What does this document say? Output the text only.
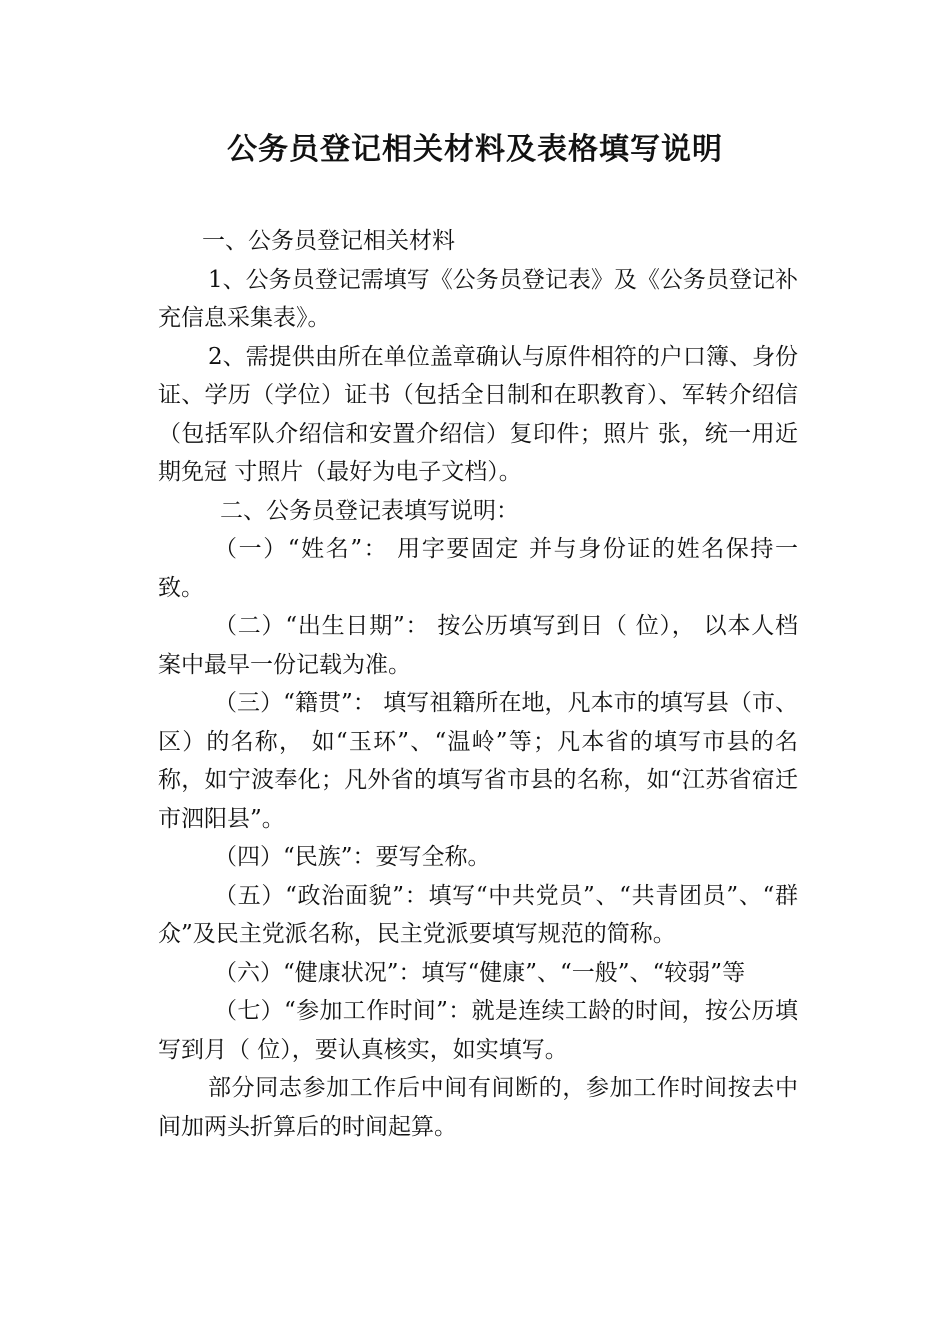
公务员登记相关材料及表格填写说明

一、公务员登记相关材料

1、公务员登记需填写《公务员登记表》及《公务员登记补充信息采集表》。

2、需提供由所在单位盖章确认与原件相符的户口簿、身份证、学历（学位）证书（包括全日制和在职教育）、军转介绍信（包括军队介绍信和安置介绍信）复印件；照片 张，统一用近期免冠 寸照片（最好为电子文档）。

二、公务员登记表填写说明：

（一）“姓名”： 用字要固定 并与身份证的姓名保持一致。

（二）“出生日期”： 按公历填写到日（ 位）， 以本人档案中最早一份记载为准。

（三）“籍贯”： 填写祖籍所在地，凡本市的填写县（市、区）的名称， 如“玉环”、“温岭”等；凡本省的填写市县的名称，如宁波奉化；凡外省的填写省市县的名称，如“江苏省宿迁市泗阳县”。

（四）“民族”：要写全称。

（五）“政治面貌”：填写“中共党员”、“共青团员”、“群众”及民主党派名称，民主党派要填写规范的简称。

（六）“健康状况”：填写“健康”、“一般”、“较弱”等

（七）“参加工作时间”：就是连续工龄的时间，按公历填写到月（ 位），要认真核实，如实填写。

部分同志参加工作后中间有间断的，参加工作时间按去中间加两头折算后的时间起算。
